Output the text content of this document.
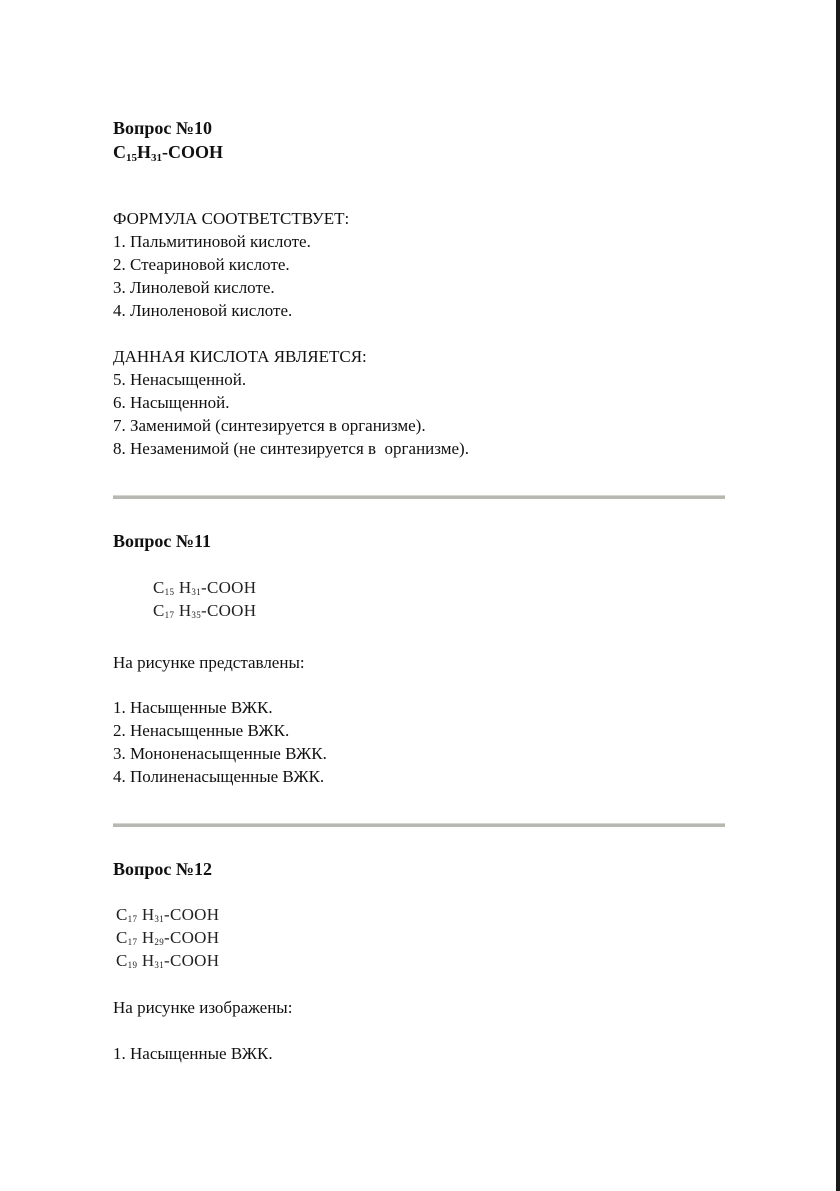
Вопрос №10
$C_{15}H_{31}$-COOH
ФОРМУЛА СООТВЕТСТВУЕТ:
1. Пальмитиновой кислоте.
2. Стеариновой кислоте.
3. Линолевой кислоте.
4. Линоленовой кислоте.
ДАННАЯ КИСЛОТА ЯВЛЯЕТСЯ:
5. Ненасыщенной.
6. Насыщенной.
7. Заменимой (синтезируется в организме).
8. Незаменимой (не синтезируется в  организме).
Вопрос №11
$C_{15}$ $H_{31}$-COOH
$C_{17}$ $H_{35}$-COOH
На рисунке представлены:
1. Насыщенные ВЖК.
2. Ненасыщенные ВЖК.
3. Мононенасыщенные ВЖК.
4. Полиненасыщенные ВЖК.
Вопрос №12
$C_{17}$ $H_{31}$-COOH
$C_{17}$ $H_{29}$-COOH
$C_{19}$ $H_{31}$-COOH
На рисунке изображены:
1. Насыщенные ВЖК.
